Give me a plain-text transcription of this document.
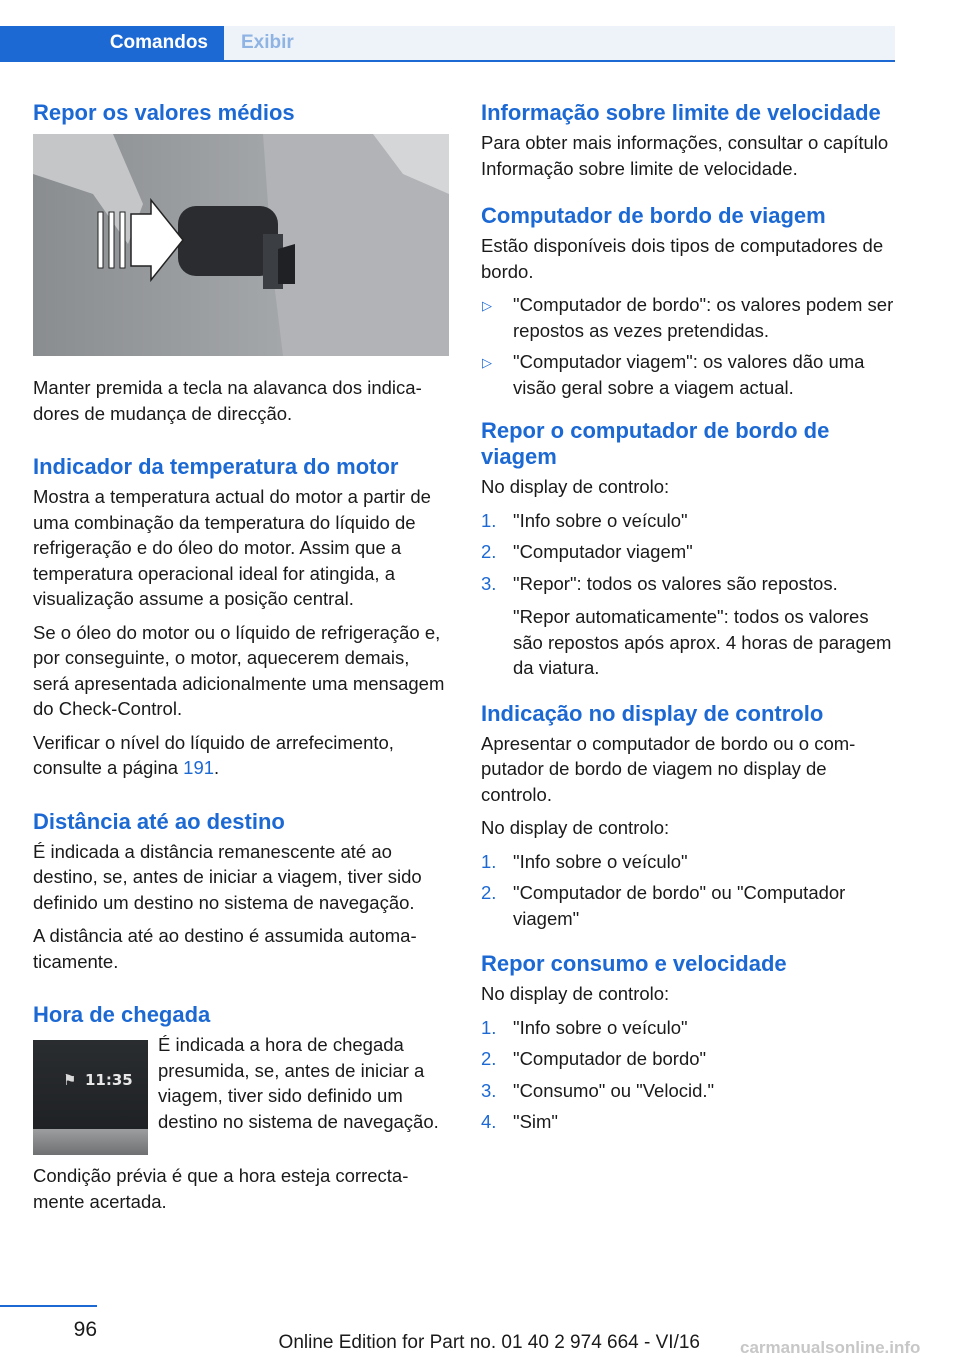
Comandos	Exibir
Repor os valores médios

Manter premida a tecla na alavanca dos indicadores de mudança de direcção.

Indicador da temperatura do motor

Mostra a temperatura actual do motor a partir de uma combinação da temperatura do líquido de refrigeração e do óleo do motor. Assim que a temperatura operacional ideal for atingida, a visualização assume a posição central.

Se o óleo do motor ou o líquido de refrigeração e, por conseguinte, o motor, aquecerem demais, será apresentada adicionalmente uma mensagem do Check-Control.

Verificar o nível do líquido de arrefecimento, consulte a página 191.

Distância até ao destino

É indicada a distância remanescente até ao destino, se, antes de iniciar a viagem, tiver sido definido um destino no sistema de navegação.

A distância até ao destino é assumida automaticamente.

Hora de chegada
⚑ 11:35

É indicada a hora de chegada presumida, se, antes de iniciar a viagem, tiver sido definido um destino no sistema de navegação.

Condição prévia é que a hora esteja correctamente acertada.

Informação sobre limite de velocidade

Para obter mais informações, consultar o capítulo Informação sobre limite de velocidade.

Computador de bordo de viagem

Estão disponíveis dois tipos de computadores de bordo.

▷ "Computador de bordo": os valores podem ser repostos as vezes pretendidas.
▷ "Computador viagem": os valores dão uma visão geral sobre a viagem actual.
Repor o computador de bordo de viagem

No display de controlo:

1. "Info sobre o veículo"
2. "Computador viagem"
3. "Repor": todos os valores são repostos.

"Repor automaticamente": todos os valores são repostos após aprox. 4 horas de paragem da viatura.

Indicação no display de controlo

Apresentar o computador de bordo ou o computador de bordo de viagem no display de controlo.

No display de controlo:

1. "Info sobre o veículo"
2. "Computador de bordo" ou "Computador viagem"
Repor consumo e velocidade

No display de controlo:

1. "Info sobre o veículo"
2. "Computador de bordo"
3. "Consumo" ou "Velocid."
4. "Sim"
96
Online Edition for Part no. 01 40 2 974 664 - VI/16 carmanualsonline.info
